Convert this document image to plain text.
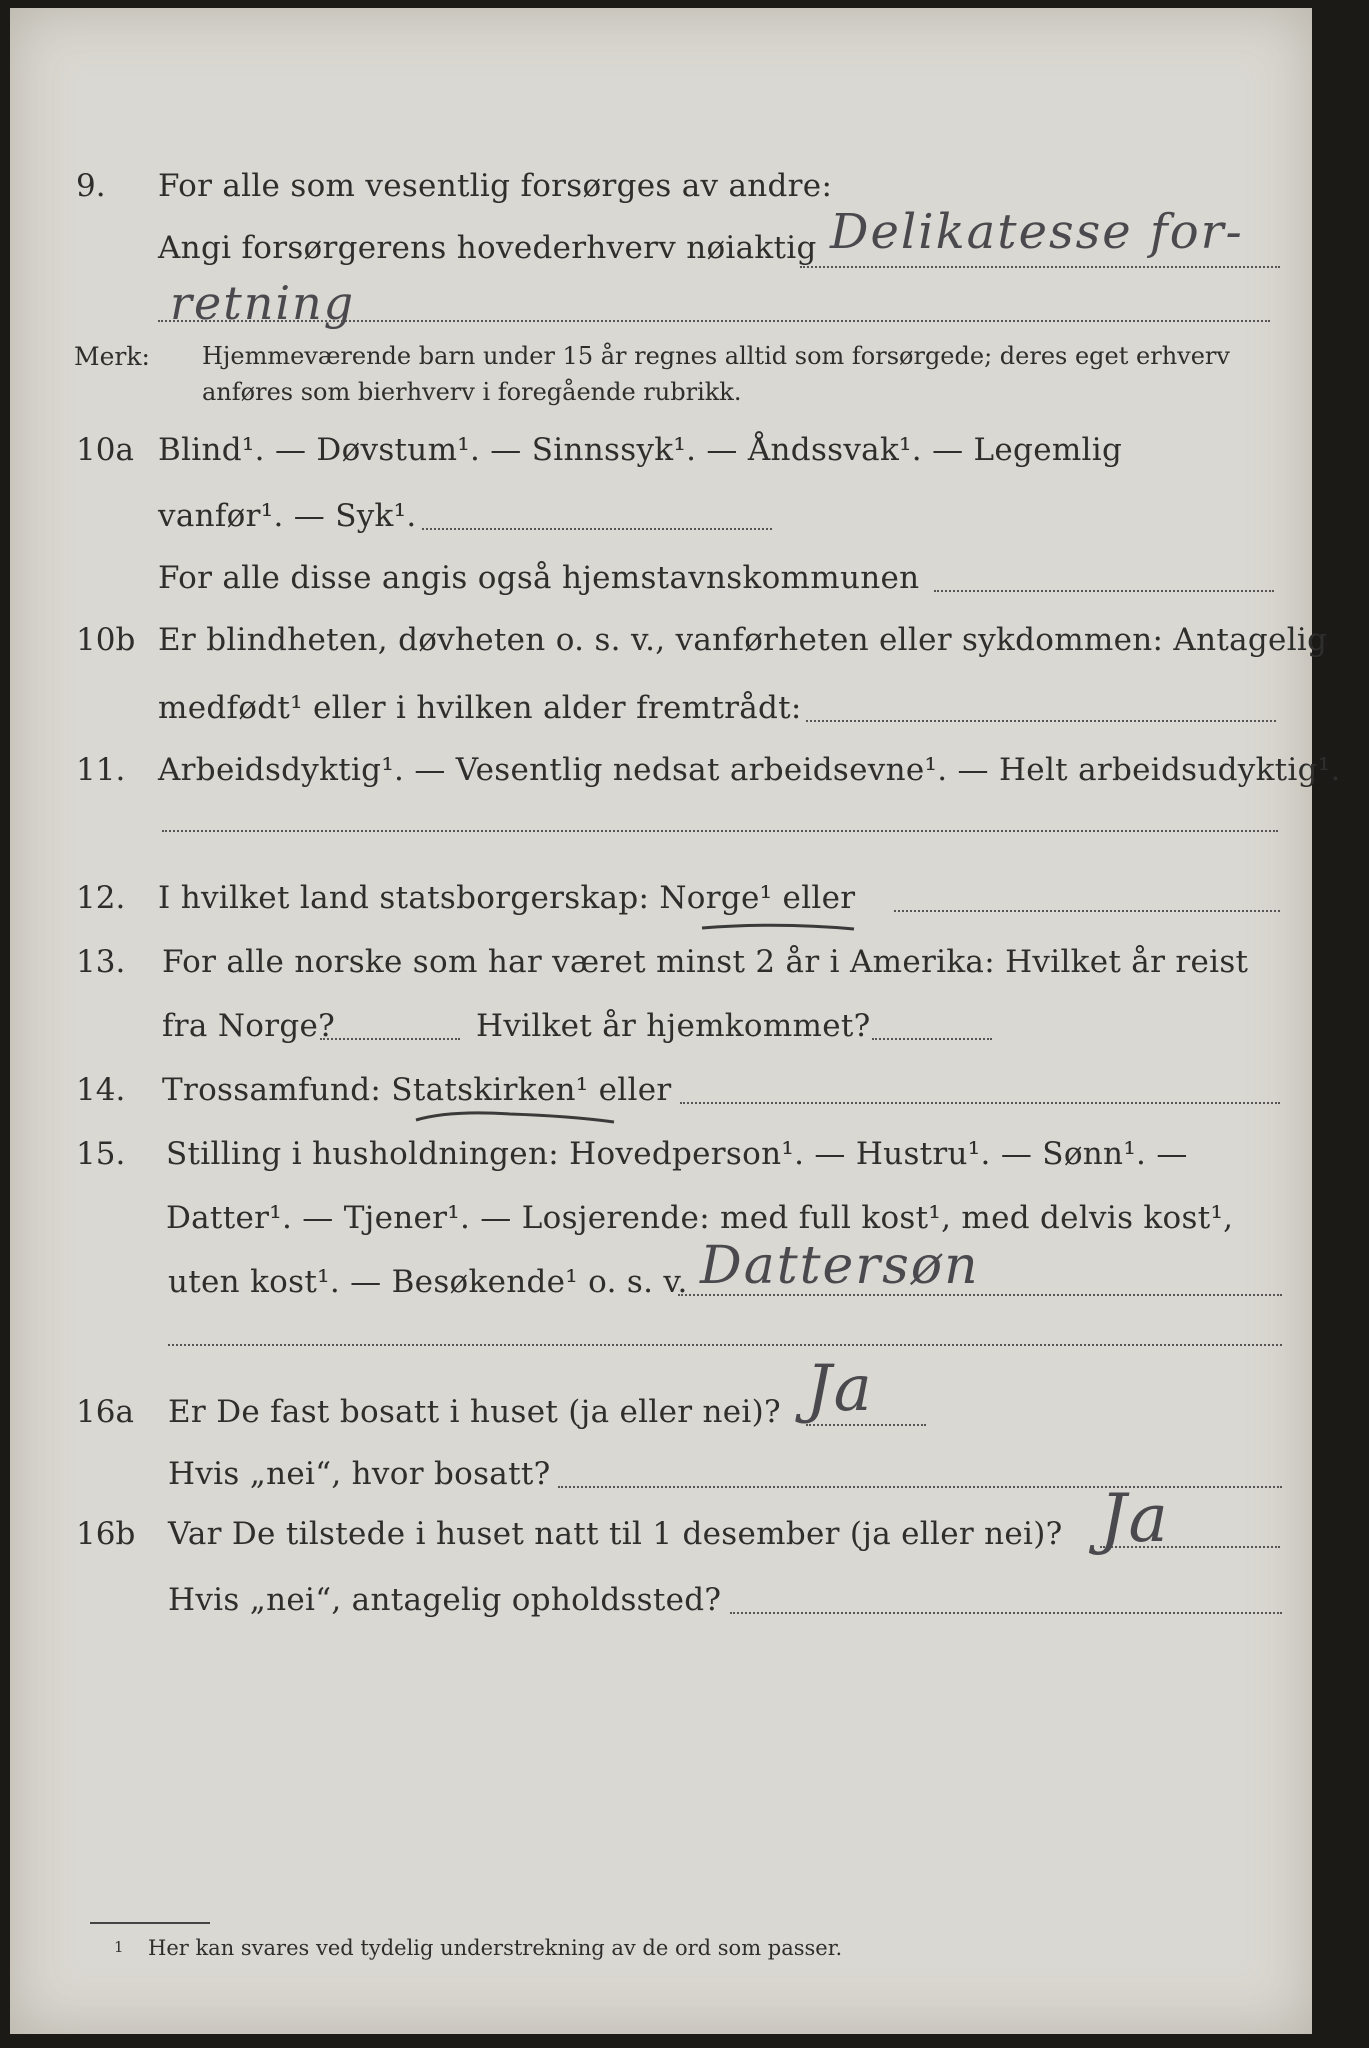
9. For alle som vesentlig forsørges av andre:
Angi forsørgerens hovederhverv nøiaktig Delikatesse for-
retning
Merk: Hjemmeværende barn under 15 år regnes alltid som forsørgede; deres eget erhverv
anføres som bierhverv i foregående rubrikk.
10a Blind¹. — Døvstum¹. — Sinnssyk¹. — Åndssvak¹. — Legemlig
vanfør¹. — Syk¹.
For alle disse angis også hjemstavnskommunen
10b Er blindheten, døvheten o. s. v., vanførheten eller sykdommen: Antagelig
medfødt¹ eller i hvilken alder fremtrådt:
11. Arbeidsdyktig¹. — Vesentlig nedsat arbeidsevne¹. — Helt arbeidsudyktig¹.
12. I hvilket land statsborgerskap: Norge¹ eller
13. For alle norske som har været minst 2 år i Amerika: Hvilket år reist
fra Norge?	Hvilket år hjemkommet?
14. Trossamfund: Statskirken¹ eller
15. Stilling i husholdningen: Hovedperson¹. — Hustru¹. — Sønn¹. —
Datter¹. — Tjener¹. — Losjerende: med full kost¹, med delvis kost¹,
uten kost¹. — Besøkende¹ o. s. v. Dattersøn
16a Er De fast bosatt i huset (ja eller nei)? Ja
Hvis „nei“, hvor bosatt?
16b Var De tilstede i huset natt til 1 desember (ja eller nei)? Ja
Hvis „nei“, antagelig opholdssted?
1 Her kan svares ved tydelig understrekning av de ord som passer.
